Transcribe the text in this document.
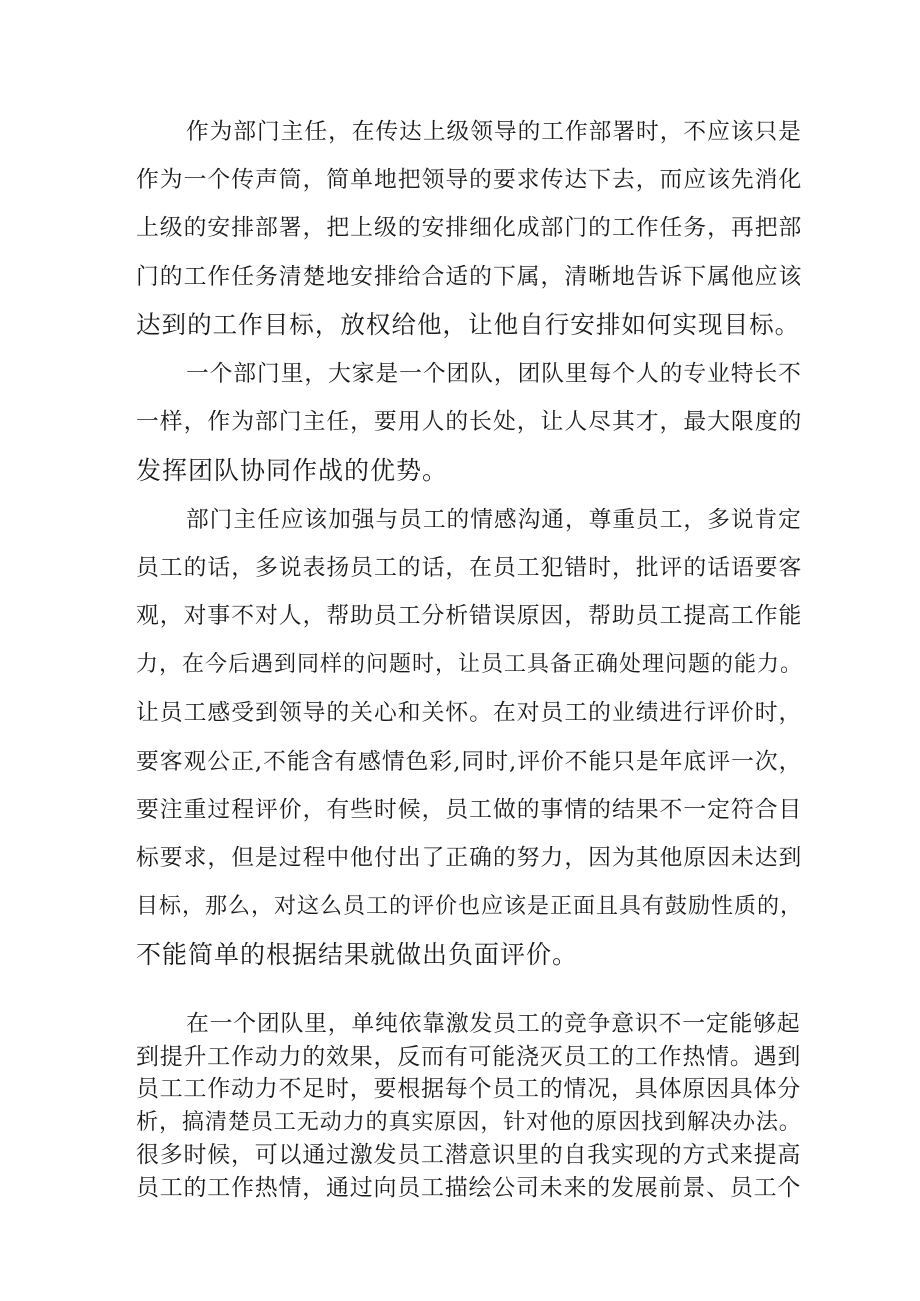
作为部门主任，在传达上级领导的工作部署时，不应该只是
作为一个传声筒，简单地把领导的要求传达下去，而应该先消化
上级的安排部署，把上级的安排细化成部门的工作任务，再把部
门的工作任务清楚地安排给合适的下属，清晰地告诉下属他应该
达到的工作目标，放权给他，让他自行安排如何实现目标。
一个部门里，大家是一个团队，团队里每个人的专业特长不
一样，作为部门主任，要用人的长处，让人尽其才，最大限度的
发挥团队协同作战的优势。
部门主任应该加强与员工的情感沟通，尊重员工，多说肯定
员工的话，多说表扬员工的话，在员工犯错时，批评的话语要客
观，对事不对人，帮助员工分析错误原因，帮助员工提高工作能
力，在今后遇到同样的问题时，让员工具备正确处理问题的能力。
让员工感受到领导的关心和关怀。在对员工的业绩进行评价时，
要客观公正,不能含有感情色彩,同时,评价不能只是年底评一次，
要注重过程评价，有些时候，员工做的事情的结果不一定符合目
标要求，但是过程中他付出了正确的努力，因为其他原因未达到
目标，那么，对这么员工的评价也应该是正面且具有鼓励性质的，
不能简单的根据结果就做出负面评价。
在一个团队里，单纯依靠激发员工的竞争意识不一定能够起
到提升工作动力的效果，反而有可能浇灭员工的工作热情。遇到
员工工作动力不足时，要根据每个员工的情况，具体原因具体分
析，搞清楚员工无动力的真实原因，针对他的原因找到解决办法。
很多时候，可以通过激发员工潜意识里的自我实现的方式来提高
员工的工作热情，通过向员工描绘公司未来的发展前景、员工个
